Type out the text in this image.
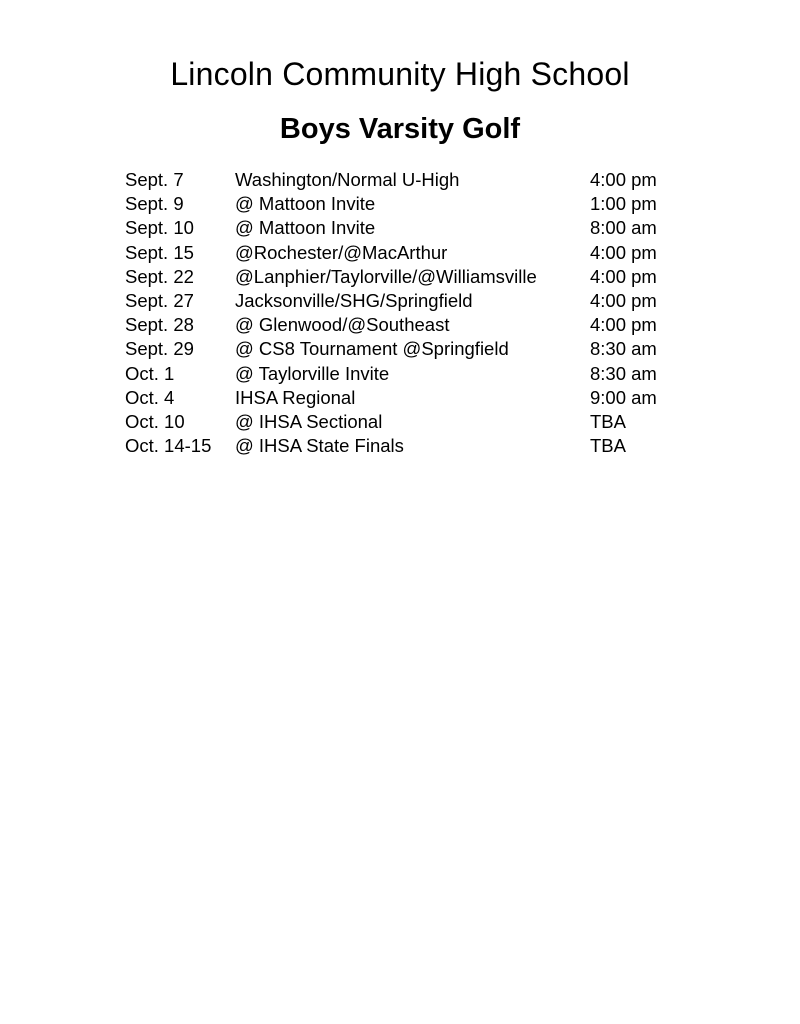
Lincoln Community High School
Boys Varsity Golf
Sept. 7	Washington/Normal U-High	4:00 pm
Sept. 9	@ Mattoon Invite	1:00 pm
Sept. 10	@ Mattoon Invite	8:00 am
Sept. 15	@Rochester/@MacArthur	4:00 pm
Sept. 22	@Lanphier/Taylorville/@Williamsville	4:00 pm
Sept. 27	Jacksonville/SHG/Springfield	4:00 pm
Sept. 28	@ Glenwood/@Southeast	4:00 pm
Sept. 29	@ CS8 Tournament @Springfield	8:30 am
Oct. 1	@ Taylorville Invite	8:30 am
Oct. 4	IHSA Regional	9:00 am
Oct. 10	@ IHSA Sectional	TBA
Oct. 14-15	@ IHSA State Finals	TBA
